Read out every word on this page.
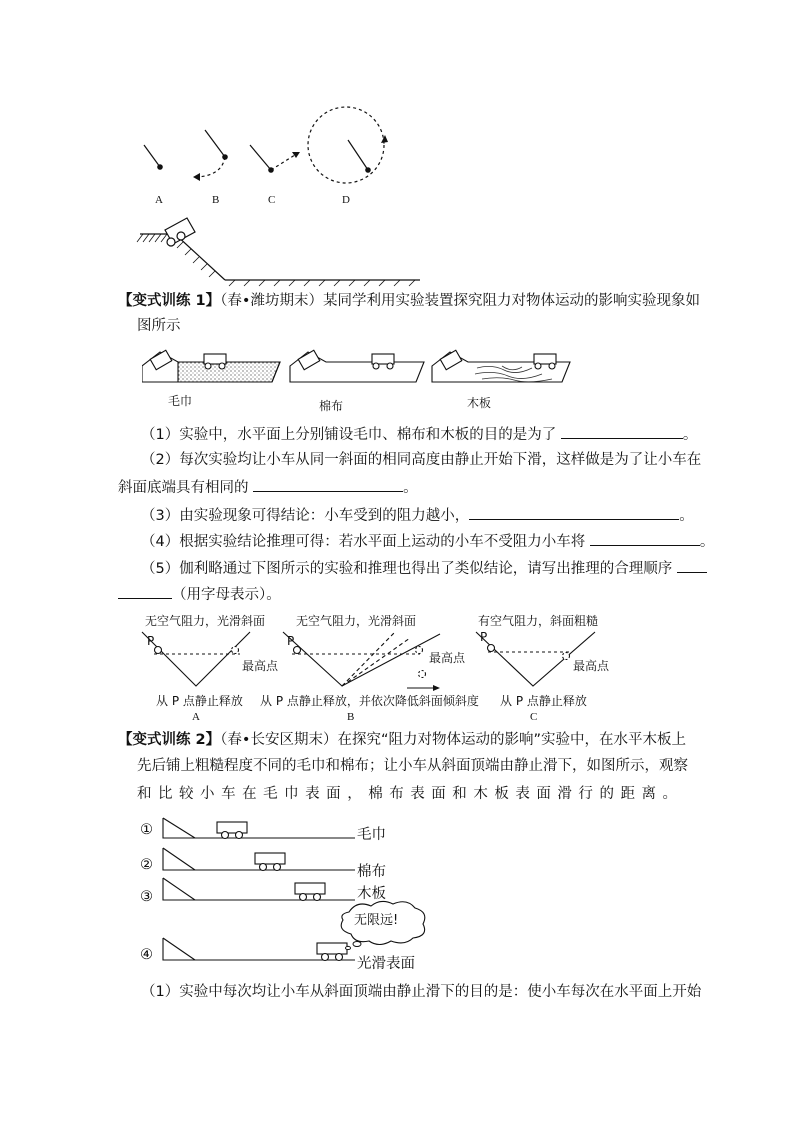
A	B	C	D
【变式训练 1】（春•潍坊期末）某同学利用实验装置探究阻力对物体运动的影响实验现象如
图所示
毛巾	棉布	木板
（1）实验中，水平面上分别铺设毛巾、棉布和木板的目的是为了	。
（2）每次实验均让小车从同一斜面的相同高度由静止开始下滑，这样做是为了让小车在
斜面底端具有相同的	。
（3）由实验现象可得结论：小车受到的阻力越小，	。
（4）根据实验结论推理可得：若水平面上运动的小车不受阻力小车将	。
（5）伽利略通过下图所示的实验和推理也得出了类似结论，请写出推理的合理顺序
（用字母表示）。
无空气阻力，光滑斜面
P
最高点
从 P 点静止释放
A
无空气阻力，光滑斜面
P
最高点
从 P 点静止释放，并依次降低斜面倾斜度
B
有空气阻力，斜面粗糙
P
最高点
从 P 点静止释放
C
【变式训练 2】（春•长安区期末）在探究“阻力对物体运动的影响”实验中，在水平木板上
先后铺上粗糙程度不同的毛巾和棉布；让小车从斜面顶端由静止滑下，如图所示，观察
和比较小车在毛巾表面，棉布表面和木板表面滑行的距离。
①
②
③
④
毛巾
棉布
木板
光滑表面
无限远!
（1）实验中每次均让小车从斜面顶端由静止滑下的目的是：使小车每次在水平面上开始
